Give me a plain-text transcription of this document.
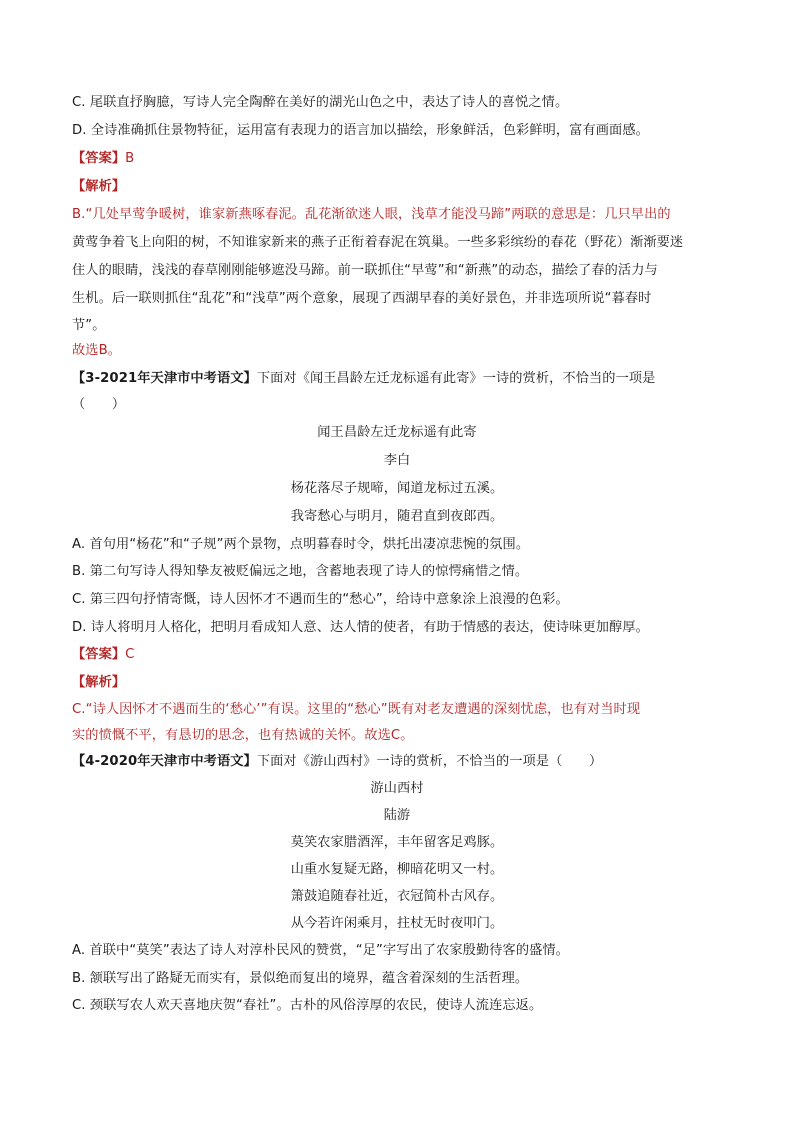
C. 尾联直抒胸臆，写诗人完全陶醉在美好的湖光山色之中，表达了诗人的喜悦之情。
D. 全诗准确抓住景物特征，运用富有表现力的语言加以描绘，形象鲜活，色彩鲜明，富有画面感。
【答案】B
【解析】
B.“几处早莺争暖树，谁家新燕啄春泥。乱花渐欲迷人眼，浅草才能没马蹄”两联的意思是：几只早出的
黄莺争着飞上向阳的树，不知谁家新来的燕子正衔着春泥在筑巢。一些多彩缤纷的春花（野花）渐渐要迷
住人的眼睛，浅浅的春草刚刚能够遮没马蹄。前一联抓住“早莺”和“新燕”的动态，描绘了春的活力与
生机。后一联则抓住“乱花”和“浅草”两个意象，展现了西湖早春的美好景色，并非选项所说“暮春时
节”。
故选B。
【3-2021年天津市中考语文】下面对《闻王昌龄左迁龙标遥有此寄》一诗的赏析，不恰当的一项是
（　　）
闻王昌龄左迁龙标遥有此寄
李白
杨花落尽子规啼，闻道龙标过五溪。
我寄愁心与明月，随君直到夜郎西。
A. 首句用“杨花”和“子规”两个景物，点明暮春时令，烘托出凄凉悲惋的氛围。
B. 第二句写诗人得知挚友被贬偏远之地，含蓄地表现了诗人的惊愕痛惜之情。
C. 第三四句抒情寄慨，诗人因怀才不遇而生的“愁心”，给诗中意象涂上浪漫的色彩。
D. 诗人将明月人格化，把明月看成知人意、达人情的使者，有助于情感的表达，使诗味更加醇厚。
【答案】C
【解析】
C.“诗人因怀才不遇而生的‘愁心’”有误。这里的“愁心”既有对老友遭遇的深刻忧虑，也有对当时现
实的愤慨不平，有恳切的思念，也有热诚的关怀。故选C。
【4-2020年天津市中考语文】下面对《游山西村》一诗的赏析，不恰当的一项是（　　）
游山西村
陆游
莫笑农家腊酒浑，丰年留客足鸡豚。
山重水复疑无路，柳暗花明又一村。
箫鼓追随春社近，衣冠简朴古风存。
从今若许闲乘月，拄杖无时夜叩门。
A. 首联中“莫笑”表达了诗人对淳朴民风的赞赏，“足”字写出了农家殷勤待客的盛情。
B. 颔联写出了路疑无而实有，景似绝而复出的境界，蕴含着深刻的生活哲理。
C. 颈联写农人欢天喜地庆贺“春社”。古朴的风俗淳厚的农民，使诗人流连忘返。
